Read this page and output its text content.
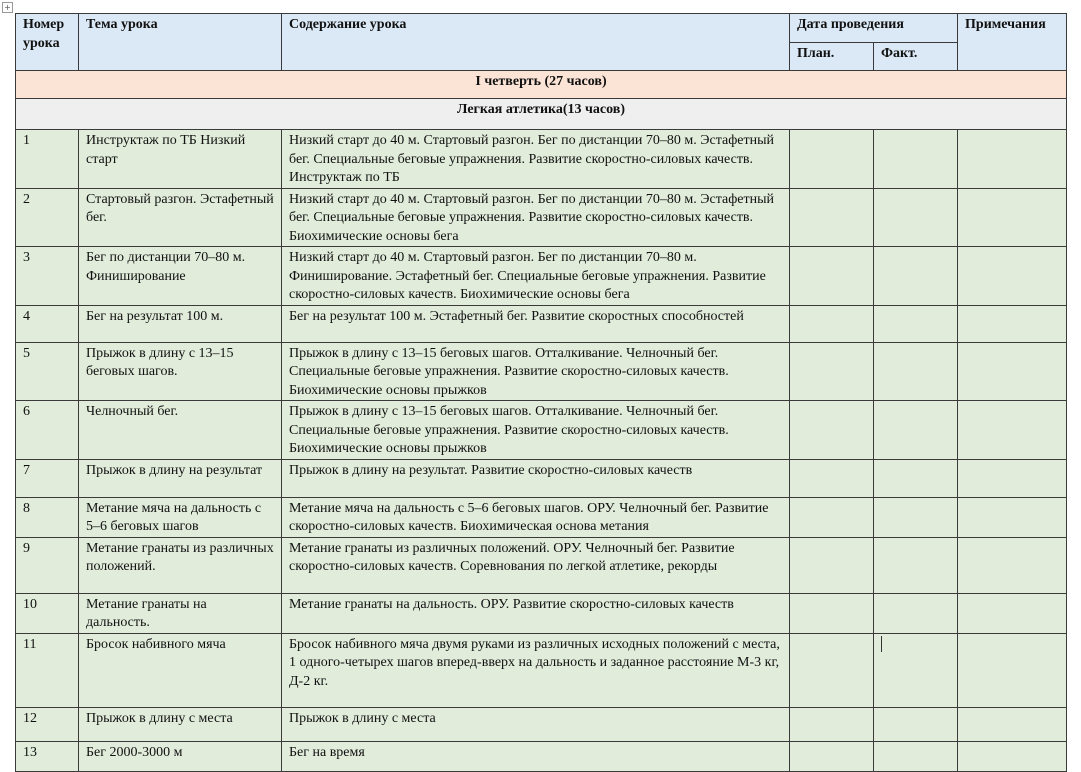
+
Номер урока	Тема урока	Содержание урока	Дата проведения		Примечания
			План.	Факт.	
I четверть (27 часов)					
Легкая атлетика(13 часов)					
1	Инструктаж по ТБ Низкий старт	Низкий старт до 40 м. Стартовый разгон. Бег по дистанции 70–80 м. Эстафетный бег. Специальные беговые упражнения. Развитие скоростно-силовых качеств. Инструктаж по ТБ			
2	Стартовый разгон. Эстафетный бег.	Низкий старт до 40 м. Стартовый разгон. Бег по дистанции 70–80 м. Эстафетный бег. Специальные беговые упражнения. Развитие скоростно-силовых качеств. Биохимические основы бега			
3	Бег по дистанции 70–80 м. Финиширование	Низкий старт до 40 м. Стартовый разгон. Бег по дистанции 70–80 м. Финиширование. Эстафетный бег. Специальные беговые упражнения. Развитие скоростно-силовых качеств. Биохимические основы бега			
4	Бег на результат 100 м.	Бег на результат 100 м. Эстафетный бег. Развитие скоростных способностей			
5	Прыжок в длину с 13–15 беговых шагов.	Прыжок в длину с 13–15 беговых шагов. Отталкивание. Челночный бег. Специальные беговые упражнения. Развитие скоростно-силовых качеств. Биохимические основы прыжков			
6	Челночный бег.	Прыжок в длину с 13–15 беговых шагов. Отталкивание. Челночный бег. Специальные беговые упражнения. Развитие скоростно-силовых качеств. Биохимические основы прыжков			
7	Прыжок в длину на результат	Прыжок в длину на результат. Развитие скоростно-силовых качеств			
8	Метание мяча на дальность с 5–6 беговых шагов	Метание мяча на дальность с 5–6 беговых шагов. ОРУ. Челночный бег. Развитие скоростно-силовых качеств. Биохимическая основа метания			
9	Метание гранаты из различных положений.	Метание гранаты из различных положений. ОРУ. Челночный бег. Развитие скоростно-силовых качеств. Соревнования по легкой атлетике, рекорды			
10	Метание гранаты на дальность.	Метание гранаты на дальность. ОРУ. Развитие скоростно-силовых качеств			
11	Бросок набивного мяча	Бросок набивного мяча двумя руками из различных исходных положений с места, 1 одного-четырех шагов вперед-вверх на дальность и заданное расстояние М-3 кг, Д-2 кг.			
12	Прыжок в длину с места	Прыжок в длину с места			
13	Бег 2000-3000 м	Бег на время			
